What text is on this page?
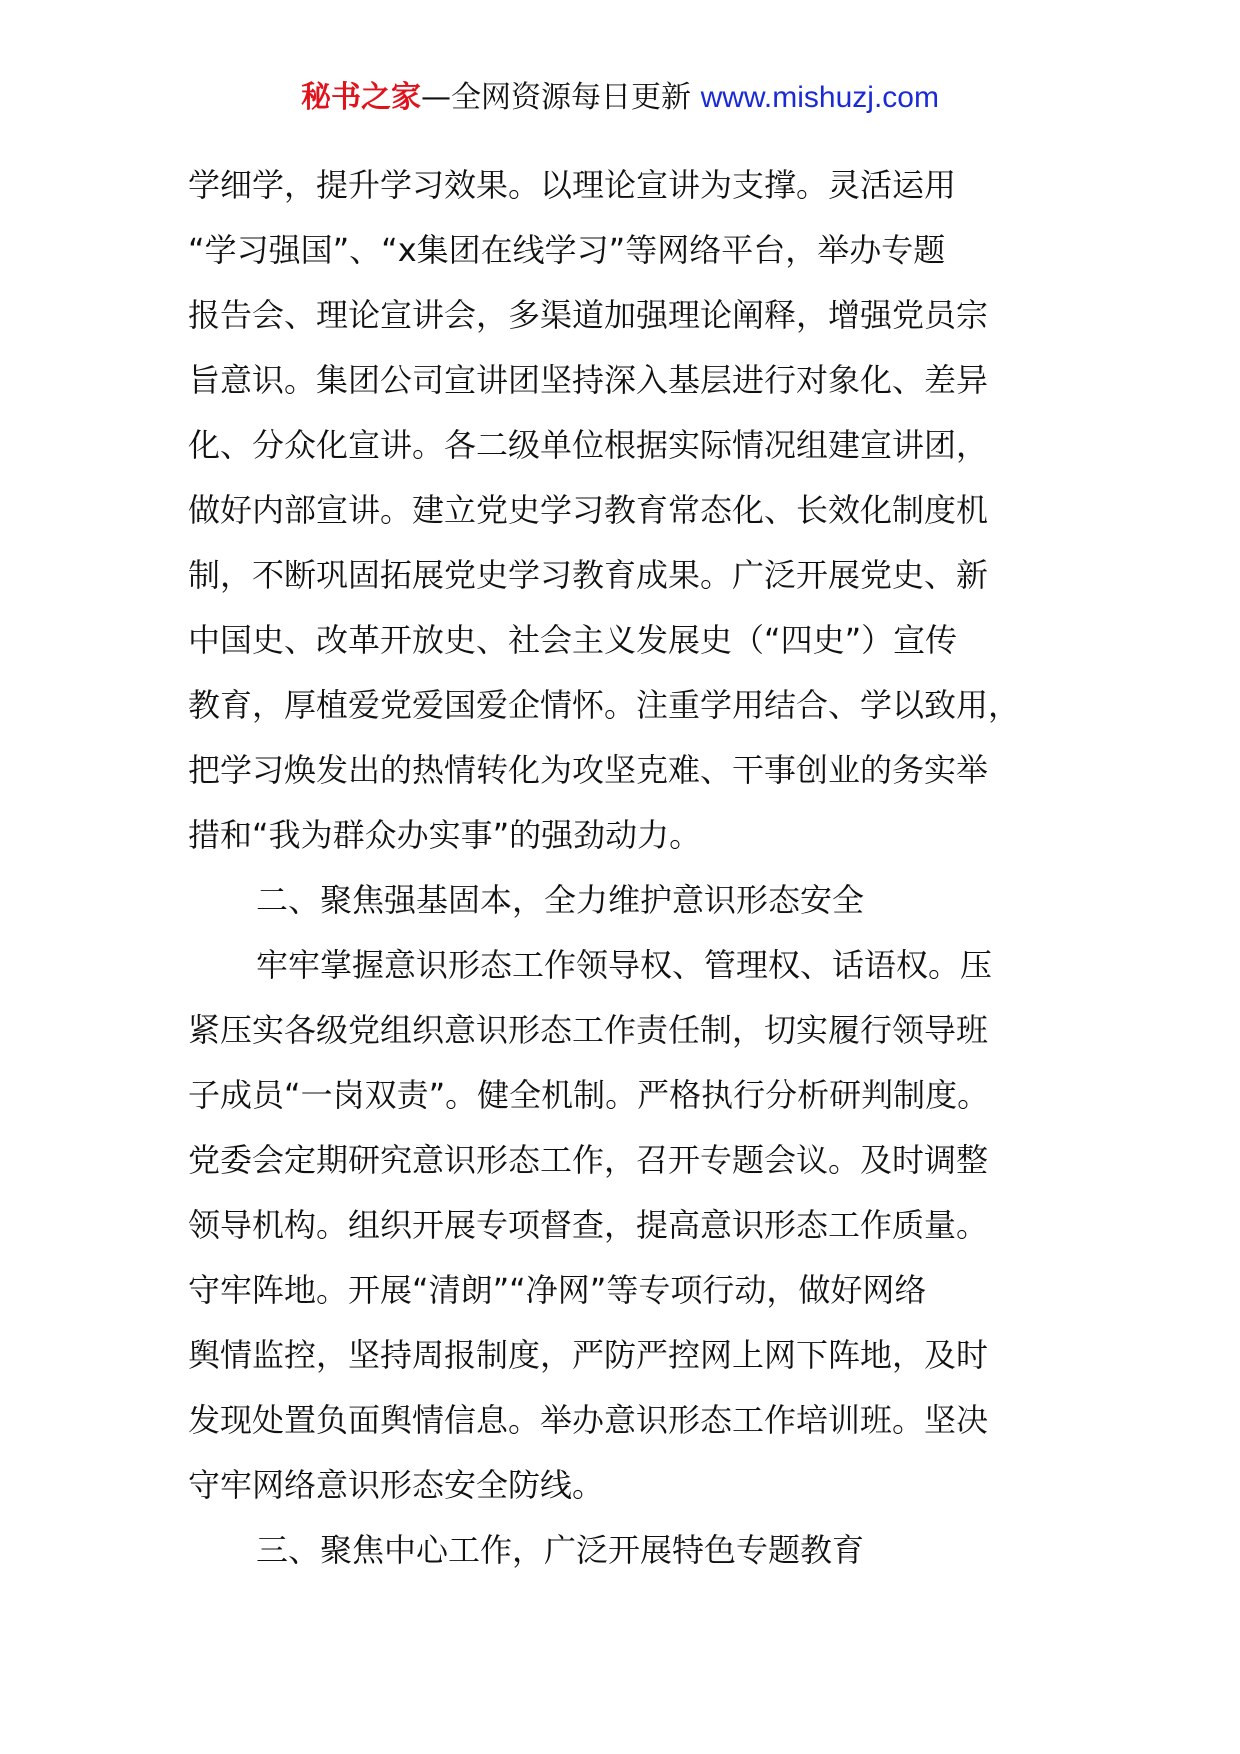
秘书之家—全网资源每日更新 www.mishuzj.com
学细学，提升学习效果。以理论宣讲为支撑。灵活运用
“学习强国”、“x集团在线学习”等网络平台，举办专题
报告会、理论宣讲会，多渠道加强理论阐释，增强党员宗
旨意识。集团公司宣讲团坚持深入基层进行对象化、差异
化、分众化宣讲。各二级单位根据实际情况组建宣讲团，
做好内部宣讲。建立党史学习教育常态化、长效化制度机
制，不断巩固拓展党史学习教育成果。广泛开展党史、新
中国史、改革开放史、社会主义发展史（“四史”）宣传
教育，厚植爱党爱国爱企情怀。注重学用结合、学以致用，
把学习焕发出的热情转化为攻坚克难、干事创业的务实举
措和“我为群众办实事”的强劲动力。
二、聚焦强基固本，全力维护意识形态安全
牢牢掌握意识形态工作领导权、管理权、话语权。压
紧压实各级党组织意识形态工作责任制，切实履行领导班
子成员“一岗双责”。健全机制。严格执行分析研判制度。
党委会定期研究意识形态工作，召开专题会议。及时调整
领导机构。组织开展专项督查，提高意识形态工作质量。
守牢阵地。开展“清朗”“净网”等专项行动，做好网络
舆情监控，坚持周报制度，严防严控网上网下阵地，及时
发现处置负面舆情信息。举办意识形态工作培训班。坚决
守牢网络意识形态安全防线。
三、聚焦中心工作，广泛开展特色专题教育
